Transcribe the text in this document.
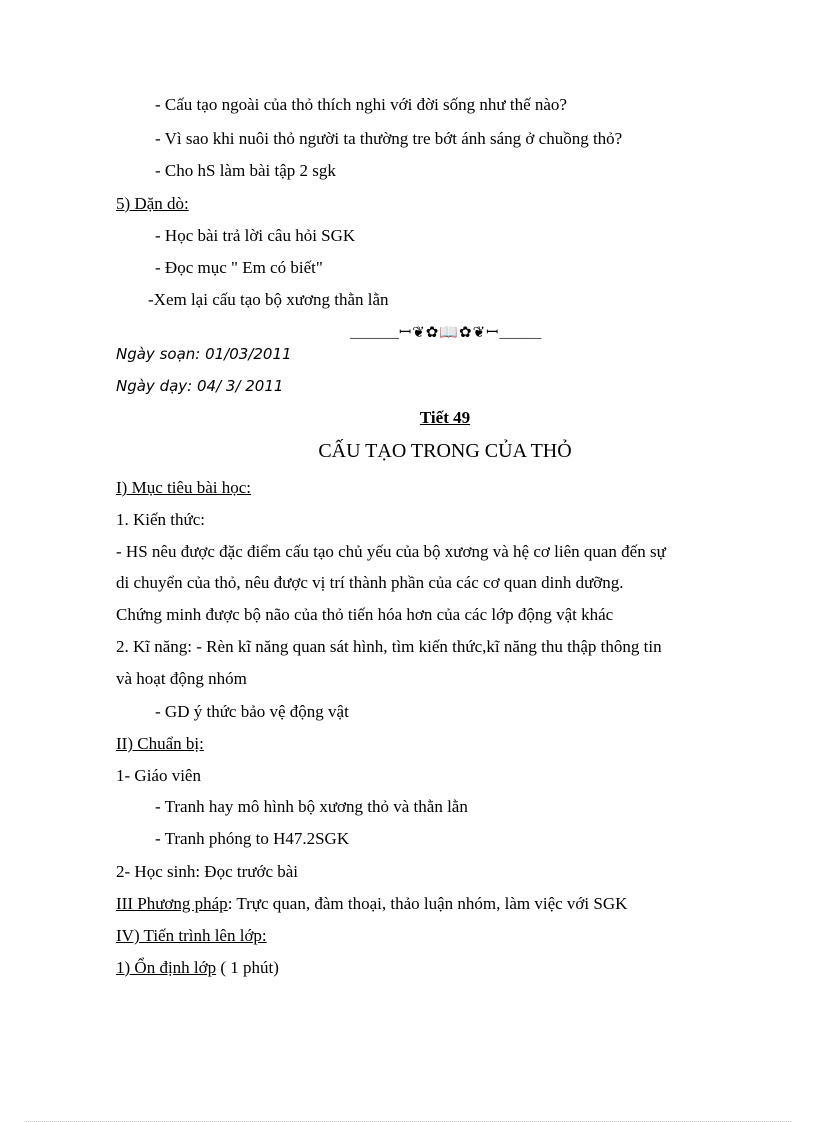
- Cấu tạo ngoài của thỏ thích nghi với đời sống như thế nào?
- Vì sao khi nuôi thỏ người ta thường tre bớt ánh sáng ở chuồng thỏ?
- Cho hS làm bài tập 2 sgk
5) Dặn dò:
- Học bài trả lời câu hỏi SGK
- Đọc mục " Em có biết"
-Xem lại cấu tạo bộ xương thằn lằn
_______ꟷ❦✿📖✿❦ꟷ______
Ngày soạn: 01/03/2011
Ngày dạy: 04/ 3/ 2011
Tiết 49
CẤU TẠO TRONG CỦA THỎ
I) Mục tiêu bài học:
1. Kiến thức:
- HS nêu được đặc điểm cấu tạo chủ yếu của bộ xương và hệ cơ liên quan đến sự
di chuyển của thỏ, nêu được vị trí thành phần của các cơ quan dinh dưỡng.
Chứng minh được bộ não của thỏ tiến hóa hơn của các lớp động vật khác
2. Kĩ năng: - Rèn kĩ năng quan sát hình, tìm kiến thức,kĩ năng thu thập thông tin
và hoạt động nhóm
- GD ý thức bảo vệ động vật
II) Chuẩn bị:
1- Giáo viên
- Tranh hay mô hình bộ xương thỏ và thằn lằn
- Tranh phóng to H47.2SGK
2- Học sinh: Đọc trước bài
III Phương pháp: Trực quan, đàm thoại, thảo luận nhóm, làm việc với SGK
IV) Tiến trình lên lớp:
1) Ổn định lớp ( 1 phút)
